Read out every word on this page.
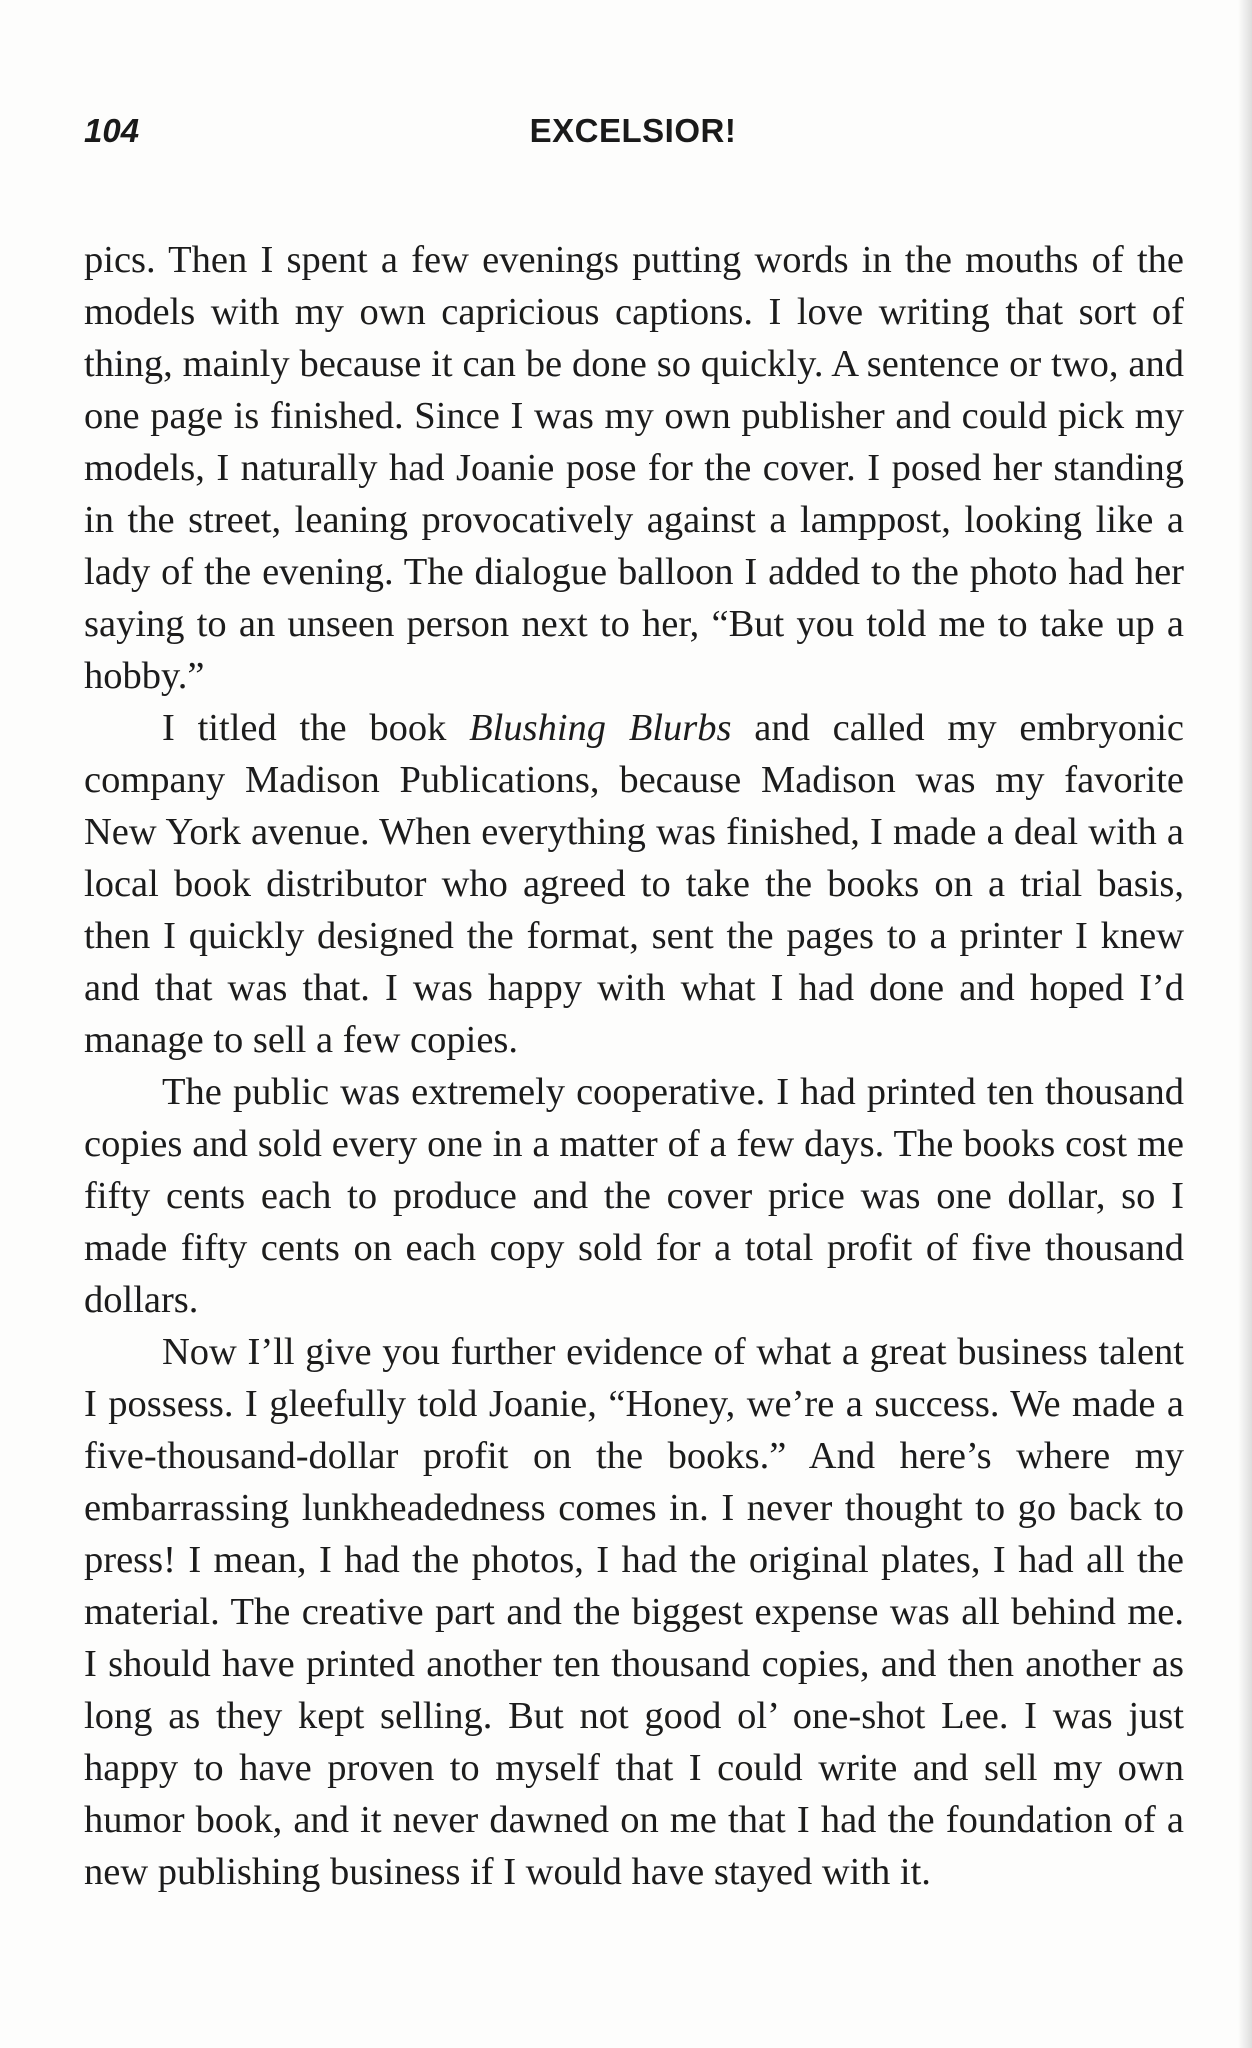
104	EXCELSIOR!

pics. Then I spent a few evenings putting words in the mouths of the models with my own capricious captions. I love writing that sort of thing, mainly because it can be done so quickly. A sentence or two, and one page is finished. Since I was my own publisher and could pick my models, I naturally had Joanie pose for the cover. I posed her standing in the street, leaning provocatively against a lamppost, looking like a lady of the evening. The dialogue balloon I added to the photo had her saying to an unseen person next to her, “But you told me to take up a hobby.”

I titled the book Blushing Blurbs and called my embryonic company Madison Publications, because Madison was my favorite New York avenue. When everything was finished, I made a deal with a local book distributor who agreed to take the books on a trial basis, then I quickly designed the format, sent the pages to a printer I knew and that was that. I was happy with what I had done and hoped I’d manage to sell a few copies.

The public was extremely cooperative. I had printed ten thousand copies and sold every one in a matter of a few days. The books cost me fifty cents each to produce and the cover price was one dollar, so I made fifty cents on each copy sold for a total profit of five thousand dollars.

Now I’ll give you further evidence of what a great business talent I possess. I gleefully told Joanie, “Honey, we’re a success. We made a five-thousand-dollar profit on the books.” And here’s where my embarrassing lunkheadedness comes in. I never thought to go back to press! I mean, I had the photos, I had the original plates, I had all the material. The creative part and the biggest expense was all behind me. I should have printed another ten thousand copies, and then another as long as they kept selling. But not good ol’ one-shot Lee. I was just happy to have proven to myself that I could write and sell my own humor book, and it never dawned on me that I had the foundation of a new publishing business if I would have stayed with it.
